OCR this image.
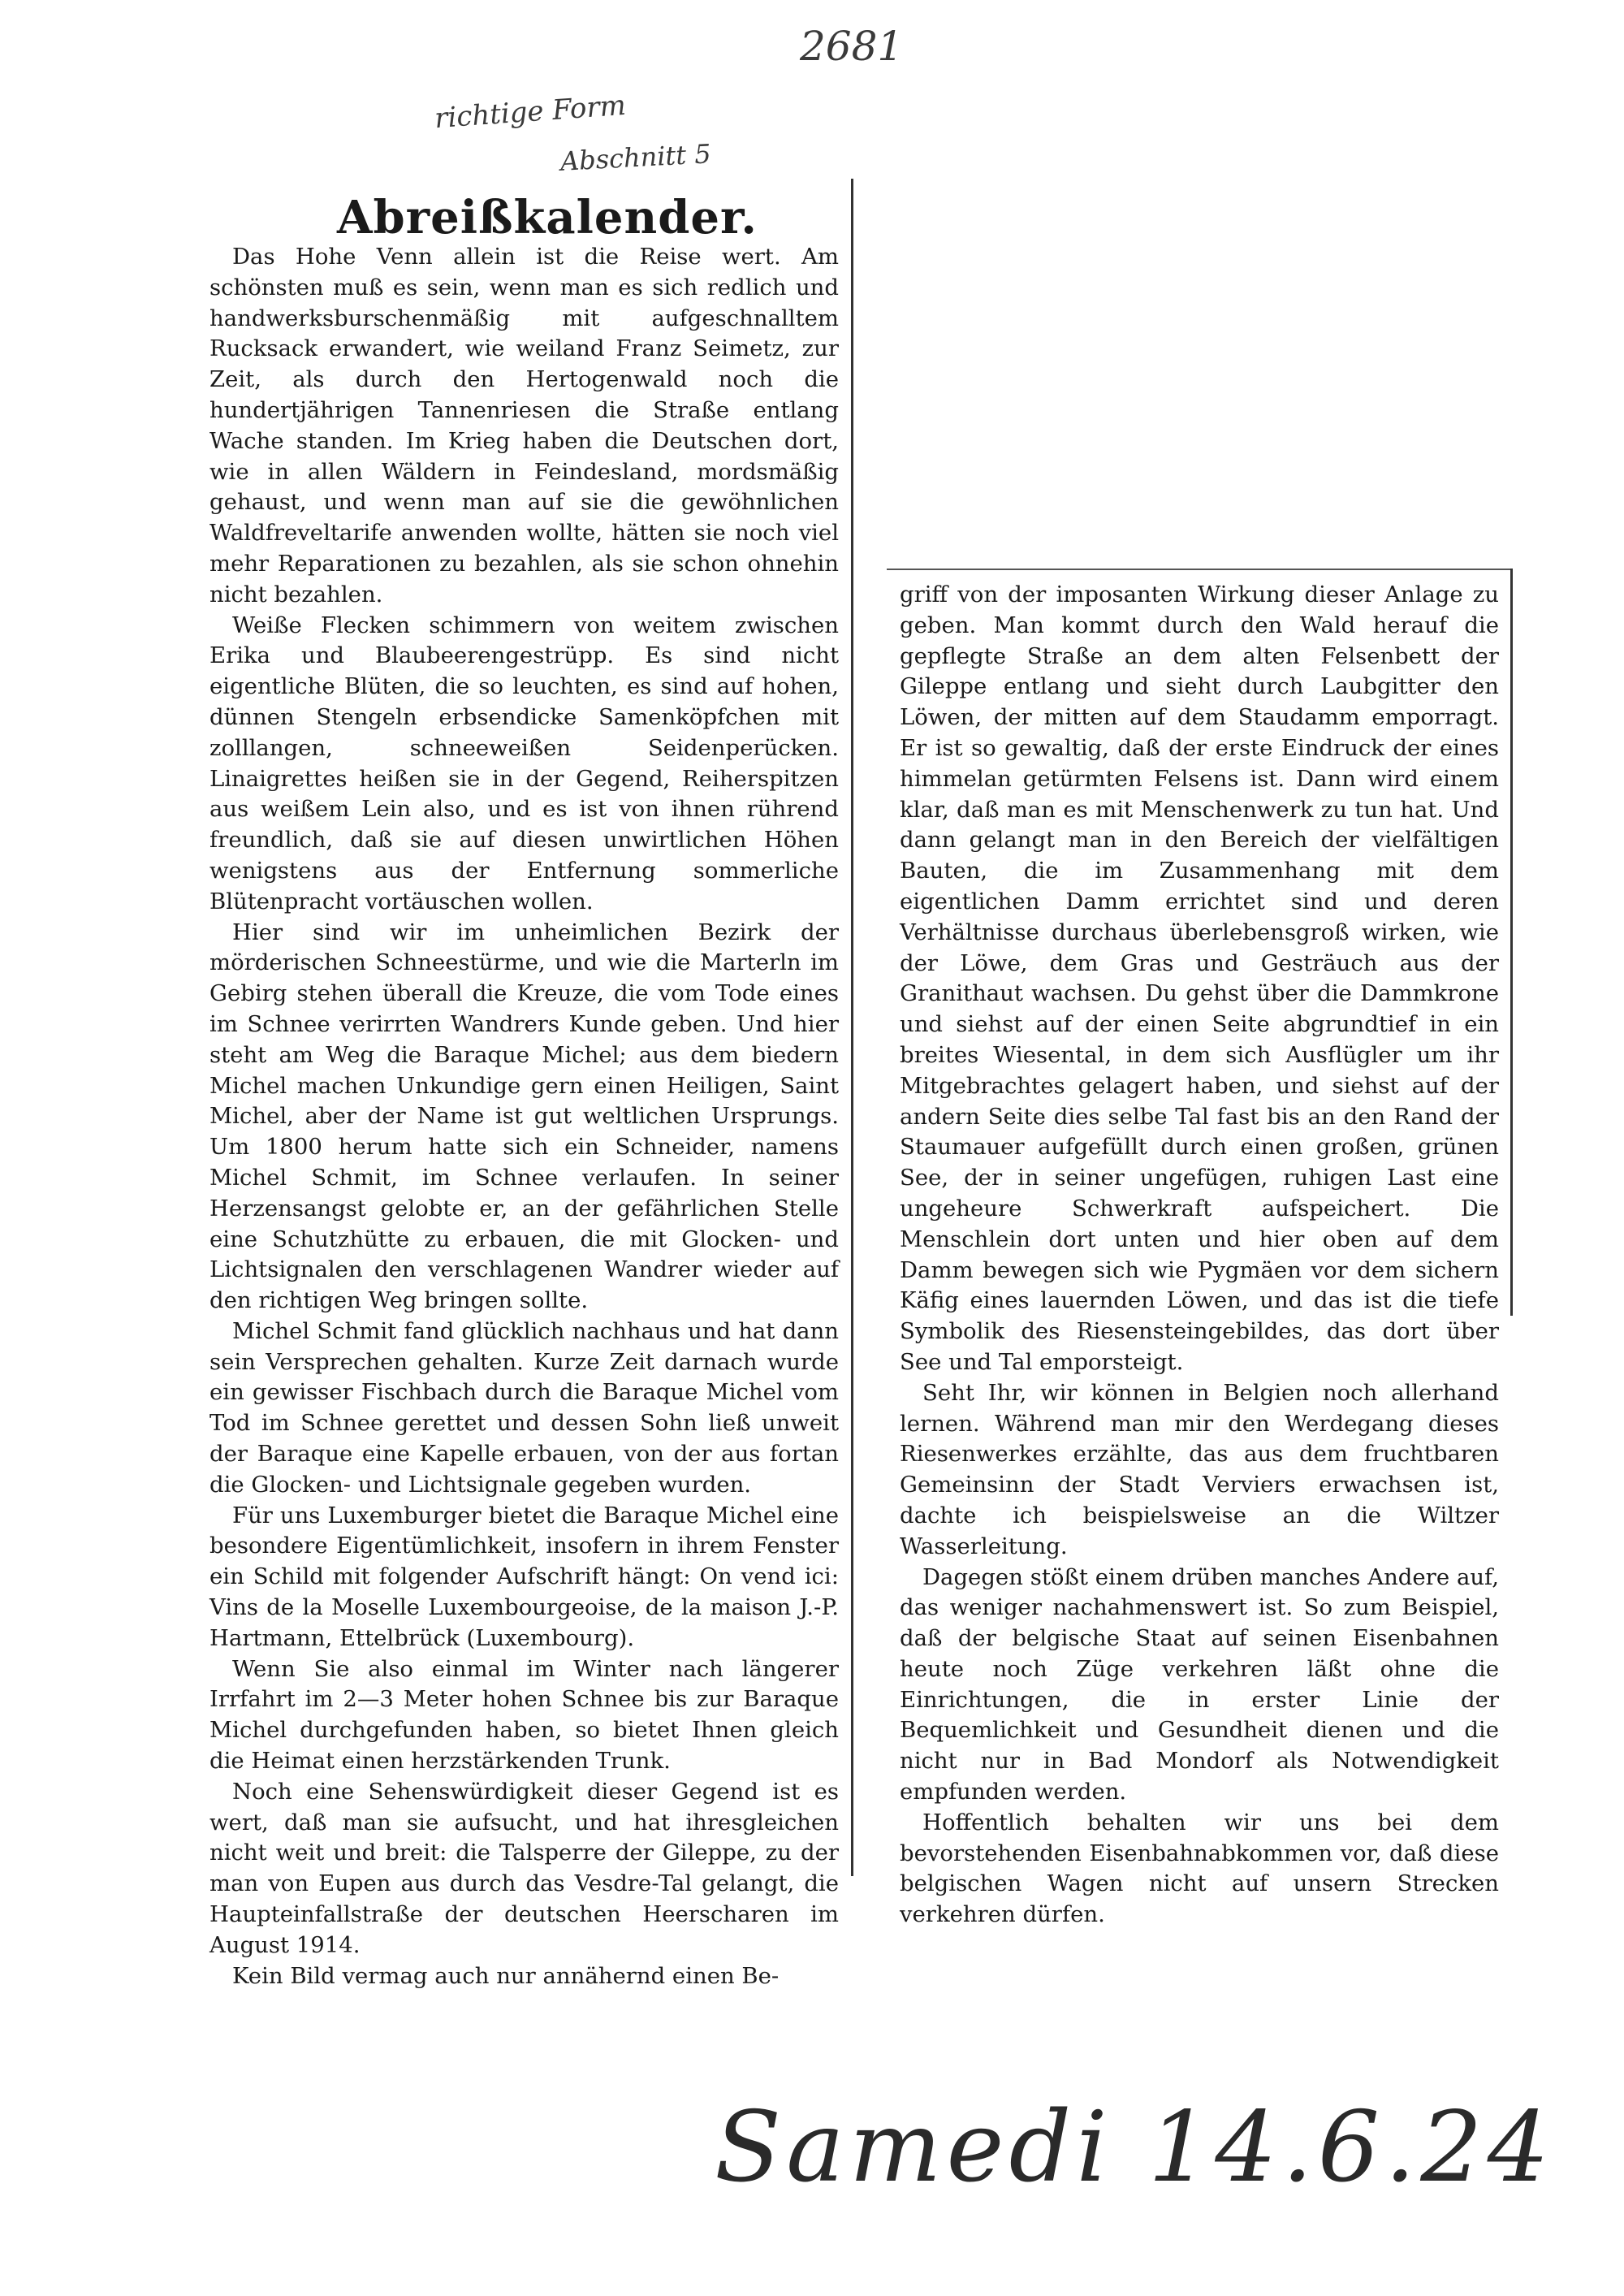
2681
richtige Form
Abschnitt 5
Abreißkalender.

Das Hohe Venn allein ist die Reise wert. Am schönsten muß es sein, wenn man es sich redlich und handwerksburschenmäßig mit aufgeschnalltem Rucksack erwandert, wie weiland Franz Seimetz, zur Zeit, als durch den Hertogenwald noch die hundertjährigen Tannenriesen die Straße entlang Wache standen. Im Krieg haben die Deutschen dort, wie in allen Wäldern in Feindesland, mordsmäßig gehaust, und wenn man auf sie die gewöhnlichen Waldfreveltarife anwenden wollte, hätten sie noch viel mehr Reparationen zu bezahlen, als sie schon ohnehin nicht bezahlen.

Weiße Flecken schimmern von weitem zwischen Erika und Blaubeerengestrüpp. Es sind nicht eigentliche Blüten, die so leuchten, es sind auf hohen, dünnen Stengeln erbsendicke Samenköpfchen mit zolllangen, schneeweißen Seidenperücken. Linaigrettes heißen sie in der Gegend, Reiherspitzen aus weißem Lein also, und es ist von ihnen rührend freundlich, daß sie auf diesen unwirtlichen Höhen wenigstens aus der Entfernung sommerliche Blütenpracht vortäuschen wollen.

Hier sind wir im unheimlichen Bezirk der mörderischen Schneestürme, und wie die Marterln im Gebirg stehen überall die Kreuze, die vom Tode eines im Schnee verirrten Wandrers Kunde geben. Und hier steht am Weg die Baraque Michel; aus dem biedern Michel machen Unkundige gern einen Heiligen, Saint Michel, aber der Name ist gut weltlichen Ursprungs. Um 1800 herum hatte sich ein Schneider, namens Michel Schmit, im Schnee verlaufen. In seiner Herzensangst gelobte er, an der gefährlichen Stelle eine Schutzhütte zu erbauen, die mit Glocken- und Lichtsignalen den verschlagenen Wandrer wieder auf den richtigen Weg bringen sollte.

Michel Schmit fand glücklich nachhaus und hat dann sein Versprechen gehalten. Kurze Zeit darnach wurde ein gewisser Fischbach durch die Baraque Michel vom Tod im Schnee gerettet und dessen Sohn ließ unweit der Baraque eine Kapelle erbauen, von der aus fortan die Glocken- und Lichtsignale gegeben wurden.

Für uns Luxemburger bietet die Baraque Michel eine besondere Eigentümlichkeit, insofern in ihrem Fenster ein Schild mit folgender Aufschrift hängt: On vend ici: Vins de la Moselle Luxembourgeoise, de la maison J.-P. Hartmann, Ettelbrück (Luxembourg).

Wenn Sie also einmal im Winter nach längerer Irrfahrt im 2—3 Meter hohen Schnee bis zur Baraque Michel durchgefunden haben, so bietet Ihnen gleich die Heimat einen herzstärkenden Trunk.

Noch eine Sehenswürdigkeit dieser Gegend ist es wert, daß man sie aufsucht, und hat ihresgleichen nicht weit und breit: die Talsperre der Gileppe, zu der man von Eupen aus durch das Vesdre-Tal gelangt, die Haupteinfallstraße der deutschen Heerscharen im August 1914.

Kein Bild vermag auch nur annähernd einen Be-

griff von der imposanten Wirkung dieser Anlage zu geben. Man kommt durch den Wald herauf die gepflegte Straße an dem alten Felsenbett der Gileppe entlang und sieht durch Laubgitter den Löwen, der mitten auf dem Staudamm emporragt. Er ist so gewaltig, daß der erste Eindruck der eines himmelan getürmten Felsens ist. Dann wird einem klar, daß man es mit Menschenwerk zu tun hat. Und dann gelangt man in den Bereich der vielfältigen Bauten, die im Zusammenhang mit dem eigentlichen Damm errichtet sind und deren Verhältnisse durchaus überlebensgroß wirken, wie der Löwe, dem Gras und Gesträuch aus der Granithaut wachsen. Du gehst über die Dammkrone und siehst auf der einen Seite abgrundtief in ein breites Wiesental, in dem sich Ausflügler um ihr Mitgebrachtes gelagert haben, und siehst auf der andern Seite dies selbe Tal fast bis an den Rand der Staumauer aufgefüllt durch einen großen, grünen See, der in seiner ungefügen, ruhigen Last eine ungeheure Schwerkraft aufspeichert. Die Menschlein dort unten und hier oben auf dem Damm bewegen sich wie Pygmäen vor dem sichern Käfig eines lauernden Löwen, und das ist die tiefe Symbolik des Riesensteingebildes, das dort über See und Tal emporsteigt.

Seht Ihr, wir können in Belgien noch allerhand lernen. Während man mir den Werdegang dieses Riesenwerkes erzählte, das aus dem fruchtbaren Gemeinsinn der Stadt Verviers erwachsen ist, dachte ich beispielsweise an die Wiltzer Wasserleitung.

Dagegen stößt einem drüben manches Andere auf, das weniger nachahmenswert ist. So zum Beispiel, daß der belgische Staat auf seinen Eisenbahnen heute noch Züge verkehren läßt ohne die Einrichtungen, die in erster Linie der Bequemlichkeit und Gesundheit dienen und die nicht nur in Bad Mondorf als Notwendigkeit empfunden werden.

Hoffentlich behalten wir uns bei dem bevorstehenden Eisenbahnabkommen vor, daß diese belgischen Wagen nicht auf unsern Strecken verkehren dürfen.

Samedi 14.6.24
